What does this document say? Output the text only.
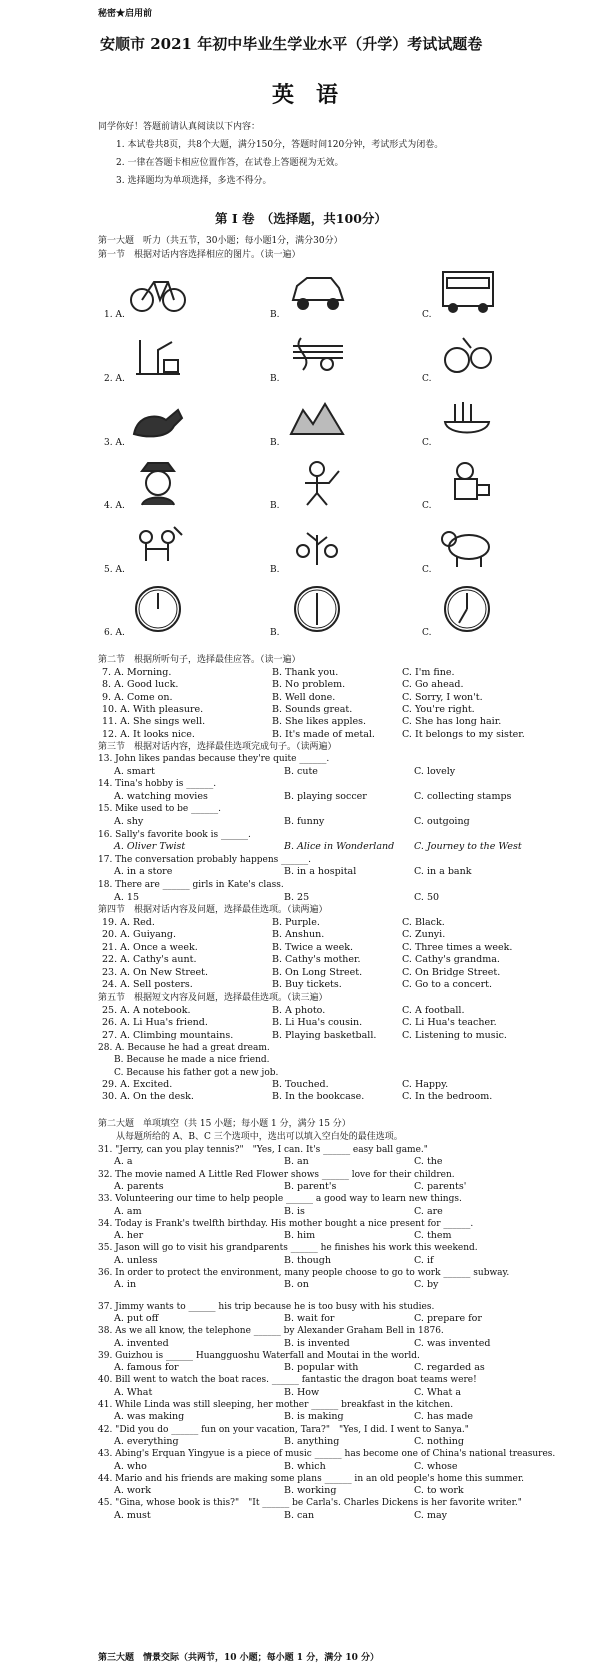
秘密★启用前
安顺市 2021 年初中毕业生学业水平（升学）考试试题卷
英　语
同学你好！答题前请认真阅读以下内容：
1. 本试卷共8页，共8个大题，满分150分，答题时间120分钟，考试形式为闭卷。
2. 一律在答题卡相应位置作答，在试卷上答题视为无效。
3. 选择题均为单项选择，多选不得分。
第 I 卷　（选择题，共100分）
第一大题　听力（共五节，30小题；每小题1分，满分30分）
第一节　根据对话内容选择相应的图片。（读一遍）
1. A.	B.	C.
2. A.	B.	C.
3. A.	B.	C.
4. A.	B.	C.
5. A.	B.	C.
6. A.	B.	C.
第二节　根据所听句子，选择最佳应答。（读一遍）
7. A. Morning.	B. Thank you.	C. I'm fine.
8. A. Good luck.	B. No problem.	C. Go ahead.
9. A. Come on.	B. Well done.	C. Sorry, I won't.
10. A. With pleasure.	B. Sounds great.	C. You're right.
11. A. She sings well.	B. She likes apples.	C. She has long hair.
12. A. It looks nice.	B. It's made of metal.	C. It belongs to my sister.
第三节　根据对话内容，选择最佳选项完成句子。（读两遍）
13. John likes pandas because they're quite ______.
A. smart	B. cute	C. lovely
14. Tina's hobby is ______.
A. watching movies	B. playing soccer	C. collecting stamps
15. Mike used to be ______.
A. shy	B. funny	C. outgoing
16. Sally's favorite book is ______.
A. Oliver Twist	B. Alice in Wonderland C. Journey to the West
17. The conversation probably happens ______.
A. in a store	B. in a hospital	C. in a bank
18. There are ______ girls in Kate's class.
A. 15	B. 25	C. 50
第四节　根据对话内容及问题，选择最佳选项。（读两遍）
19. A. Red.	B. Purple.	C. Black.
20. A. Guiyang.	B. Anshun.	C. Zunyi.
21. A. Once a week.	B. Twice a week.	C. Three times a week.
22. A. Cathy's aunt.	B. Cathy's mother.	C. Cathy's grandma.
23. A. On New Street.	B. On Long Street.	C. On Bridge Street.
24. A. Sell posters.	B. Buy tickets.	C. Go to a concert.
第五节　根据短文内容及问题，选择最佳选项。（读三遍）
25. A. A notebook.	B. A photo.	C. A football.
26. A. Li Hua's friend.	B. Li Hua's cousin.	C. Li Hua's teacher.
27. A. Climbing mountains.	B. Playing basketball.	C. Listening to music.
28. A. Because he had a great dream.
B. Because he made a nice friend.
C. Because his father got a new job.
29. A. Excited.	B. Touched.	C. Happy.
30. A. On the desk.	B. In the bookcase.	C. In the bedroom.
第二大题　单项填空（共 15 小题；每小题 1 分，满分 15 分）
从每题所给的 A、B、C 三个选项中，选出可以填入空白处的最佳选项。
31. "Jerry, can you play tennis?"　"Yes, I can. It's ______ easy ball game."
A. a	B. an	C. the
32. The movie named A Little Red Flower shows ______ love for their children.
A. parents	B. parent's	C. parents'
33. Volunteering our time to help people ______ a good way to learn new things.
A. am	B. is	C. are
34. Today is Frank's twelfth birthday. His mother bought a nice present for ______.
A. her	B. him	C. them
35. Jason will go to visit his grandparents ______ he finishes his work this weekend.
A. unless	B. though	C. if
36. In order to protect the environment, many people choose to go to work ______ subway.
A. in	B. on	C. by
37. Jimmy wants to ______ his trip because he is too busy with his studies.
A. put off	B. wait for	C. prepare for
38. As we all know, the telephone ______ by Alexander Graham Bell in 1876.
A. invented	B. is invented	C. was invented
39. Guizhou is ______ Huangguoshu Waterfall and Moutai in the world.
A. famous for	B. popular with	C. regarded as
40. Bill went to watch the boat races. ______ fantastic the dragon boat teams were!
A. What	B. How	C. What a
41. While Linda was still sleeping, her mother ______ breakfast in the kitchen.
A. was making	B. is making	C. has made
42. "Did you do ______ fun on your vacation, Tara?"　"Yes, I did. I went to Sanya."
A. everything	B. anything	C. nothing
43. Abing's Erquan Yingyue is a piece of music ______ has become one of China's national treasures.
A. who	B. which	C. whose
44. Mario and his friends are making some plans ______ in an old people's home this summer.
A. work	B. working	C. to work
45. "Gina, whose book is this?"　"It ______ be Carla's. Charles Dickens is her favorite writer."
A. must	B. can	C. may
第三大题　情景交际（共两节，10 小题；每小题 1 分，满分 10 分）
